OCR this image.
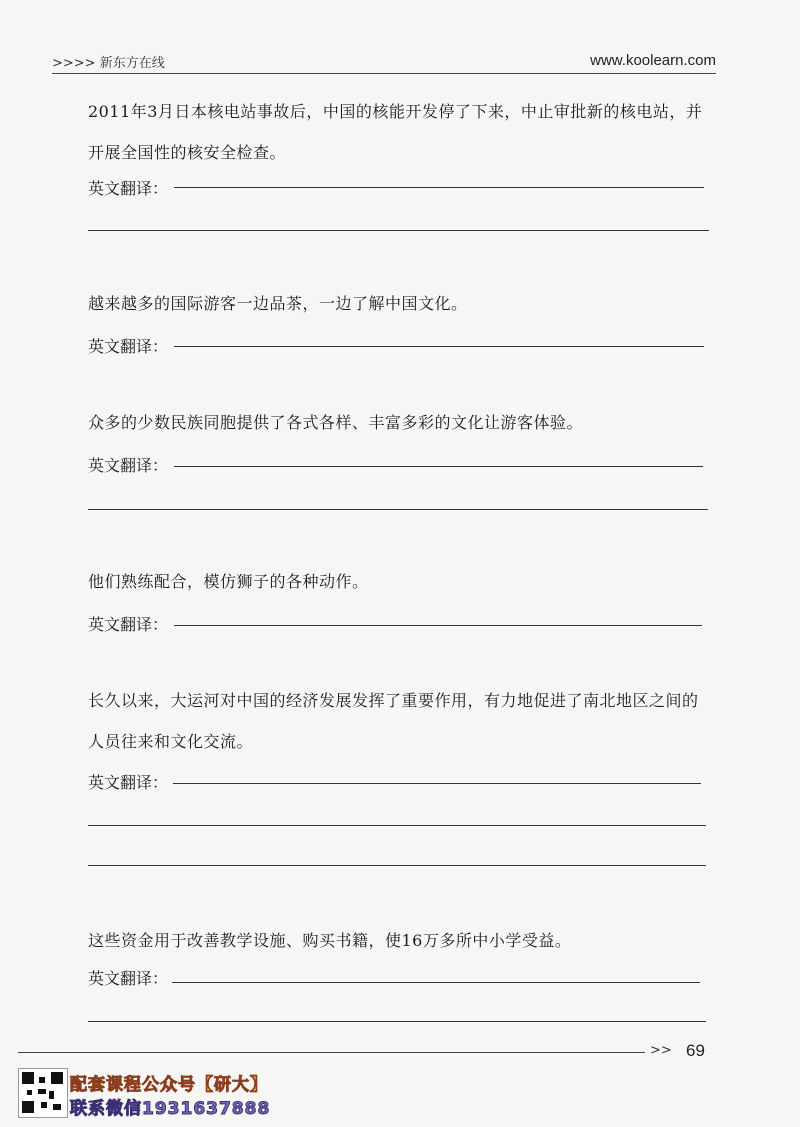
>>>> 新东方在线	www.koolearn.com
2011年3月日本核电站事故后，中国的核能开发停了下来，中止审批新的核电站，并
开展全国性的核安全检查。
英文翻译：
越来越多的国际游客一边品茶，一边了解中国文化。
英文翻译：
众多的少数民族同胞提供了各式各样、丰富多彩的文化让游客体验。
英文翻译：
他们熟练配合，模仿狮子的各种动作。
英文翻译：
长久以来，大运河对中国的经济发展发挥了重要作用，有力地促进了南北地区之间的
人员往来和文化交流。
英文翻译：
这些资金用于改善教学设施、购买书籍，使16万多所中小学受益。
英文翻译：
>> 69
配套课程公众号【研大】
联系微信1931637888
